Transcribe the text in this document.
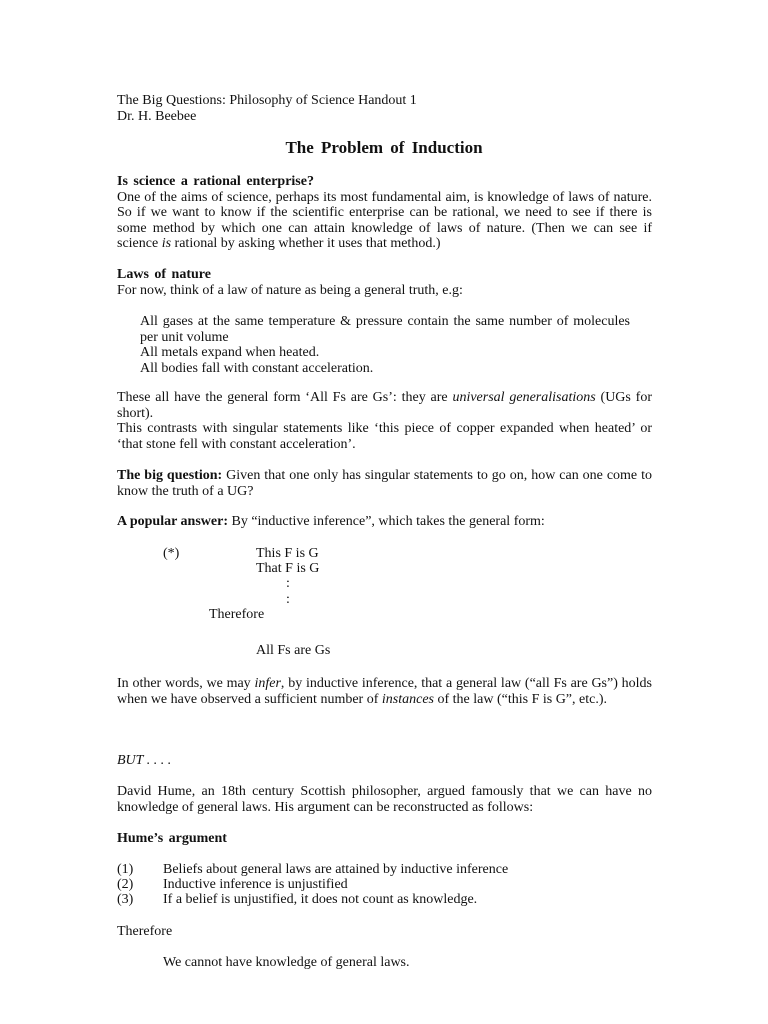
The Big Questions: Philosophy of Science Handout 1
Dr. H. Beebee
The Problem of Induction
Is science a rational enterprise?
One of the aims of science, perhaps its most fundamental aim, is knowledge of laws of nature. So if we want to know if the scientific enterprise can be rational, we need to see if there is some method by which one can attain knowledge of laws of nature. (Then we can see if science is rational by asking whether it uses that method.)
Laws of nature
For now, think of a law of nature as being a general truth, e.g:
All gases at the same temperature & pressure contain the same number of molecules per unit volume
All metals expand when heated.
All bodies fall with constant acceleration.
These all have the general form ‘All Fs are Gs’: they are universal generalisations (UGs for short).
This contrasts with singular statements like ‘this piece of copper expanded when heated’ or ‘that stone fell with constant acceleration’.
The big question: Given that one only has singular statements to go on, how can one come to know the truth of a UG?
A popular answer: By “inductive inference”, which takes the general form:
(*)	This F is G
That F is G
:
:
Therefore
All Fs are Gs
In other words, we may infer, by inductive inference, that a general law (“all Fs are Gs”) holds when we have observed a sufficient number of instances of the law (“this F is G”, etc.).
BUT . . . .
David Hume, an 18th century Scottish philosopher, argued famously that we can have no knowledge of general laws. His argument can be reconstructed as follows:
Hume’s argument
(1) Beliefs about general laws are attained by inductive inference
(2) Inductive inference is unjustified
(3) If a belief is unjustified, it does not count as knowledge.
Therefore
We cannot have knowledge of general laws.
